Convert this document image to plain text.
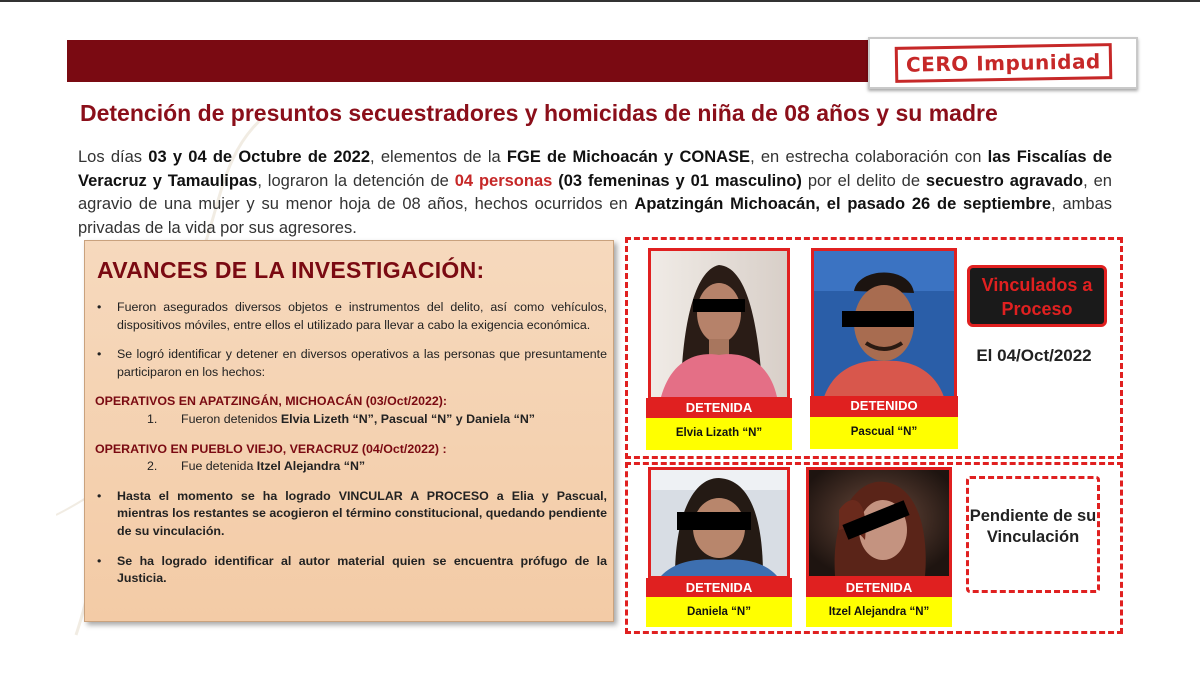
CERO Impunidad
Detención de presuntos secuestradores y homicidas de niña de 08 años y su madre
Los días 03 y 04 de Octubre de 2022, elementos de la FGE de Michoacán y CONASE, en estrecha colaboración con las Fiscalías de Veracruz y Tamaulipas, lograron la detención de 04 personas (03 femeninas y 01 masculino) por el delito de secuestro agravado, en agravio de una mujer y su menor hoja de 08 años, hechos ocurridos en Apatzingán Michoacán, el pasado 26 de septiembre, ambas privadas de la vida por sus agresores.
AVANCES DE LA INVESTIGACIÓN:
•	Fueron asegurados diversos objetos e instrumentos del delito, así como vehículos, dispositivos móviles, entre ellos el utilizado para llevar a cabo la exigencia económica.
•	Se logró identificar y detener en diversos operativos a las personas que presuntamente participaron en los hechos:
OPERATIVOS EN APATZINGÁN, MICHOACÁN (03/Oct/2022):
1.	Fueron detenidos Elvia Lizeth “N”, Pascual “N” y Daniela “N”
OPERATIVO EN PUEBLO VIEJO, VERACRUZ (04/Oct/2022) :
2.	Fue detenida Itzel Alejandra “N”
•	Hasta el momento se ha logrado VINCULAR A PROCESO a Elia y Pascual, mientras los restantes se acogieron el término constitucional, quedando pendiente de su vinculación.
•	Se ha logrado identificar al autor material quien se encuentra prófugo de la Justicia.
DETENIDA
Elvia Lizath “N”
DETENIDO
Pascual “N”
Vinculados a Proceso
El 04/Oct/2022
DETENIDA
Daniela “N”
DETENIDA
Itzel Alejandra “N”
Pendiente de su Vinculación
